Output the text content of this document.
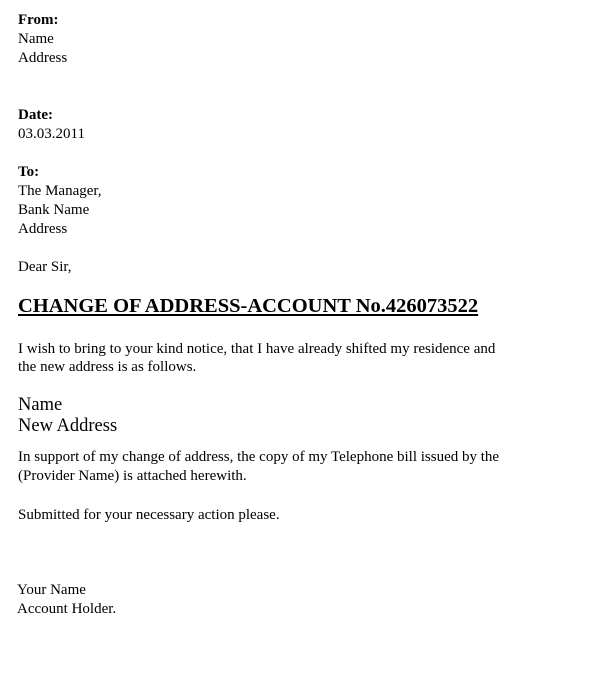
From:
Name
Address
Date:
03.03.2011
To:
The Manager,
Bank Name
Address
Dear Sir,
CHANGE OF ADDRESS-ACCOUNT No.426073522
I wish to bring to your kind notice, that I have already shifted my residence and
the new address is as follows.
Name
New Address
In support of my change of address, the copy of my Telephone bill issued by the
(Provider Name) is attached herewith.
Submitted for your necessary action please.
Your Name
Account Holder.
